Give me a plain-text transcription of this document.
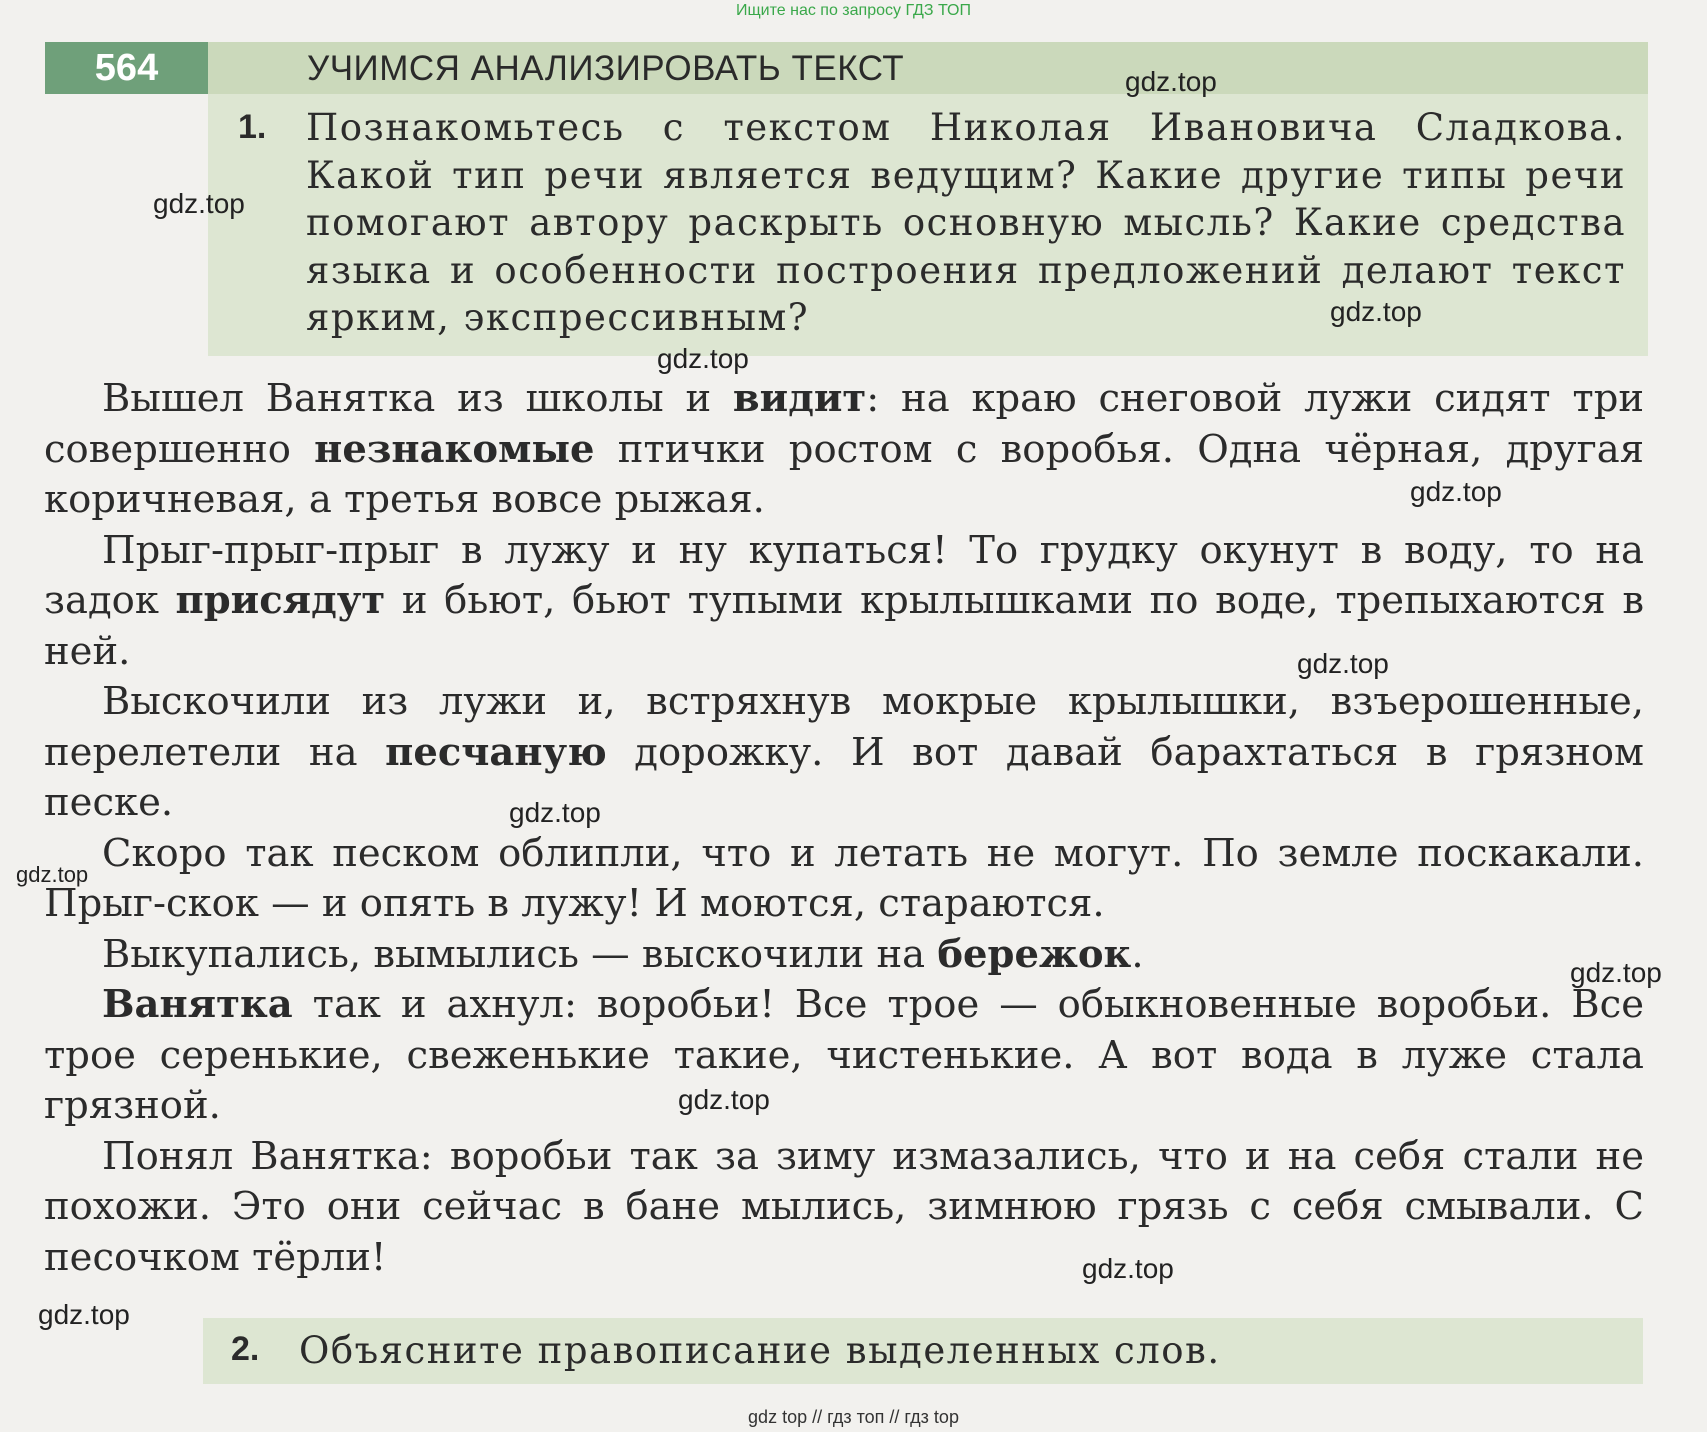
Ищите нас по запросу ГДЗ ТОП
564	УЧИМСЯ АНАЛИЗИРОВАТЬ ТЕКСТ
1. Познакомьтесь с текстом Николая Ивановича Сладкова. Какой тип речи является ведущим? Какие другие типы речи помогают автору раскрыть основную мысль? Какие средства языка и особенности построения предложений делают текст ярким, экспрессивным?

Вышел Ванятка из школы и видит: на краю снеговой лужи сидят три совершенно незнакомые птички ростом с воробья. Одна чёрная, другая коричневая, а третья вовсе рыжая.

Прыг-прыг-прыг в лужу и ну купаться! То грудку окунут в воду, то на задок присядут и бьют, бьют тупыми крылышками по воде, трепыхаются в ней.

Выскочили из лужи и, встряхнув мокрые крылышки, взъерошенные, перелетели на песчаную дорожку. И вот давай барахтаться в грязном песке.

Скоро так песком облипли, что и летать не могут. По земле поскакали. Прыг-скок — и опять в лужу! И моются, стараются.

Выкупались, вымылись — выскочили на бережок.

Ванятка так и ахнул: воробьи! Все трое — обыкновенные воробьи. Все трое серенькие, свеженькие такие, чистенькие. А вот вода в луже стала грязной.

Понял Ванятка: воробьи так за зиму измазались, что и на себя стали не похожи. Это они сейчас в бане мылись, зимнюю грязь с себя смывали. С песочком тёрли!

2. Объясните правописание выделенных слов.
gdz.top
gdz.top
gdz.top
gdz.top
gdz.top
gdz.top
gdz.top
gdz.top
gdz.top
gdz.top
gdz.top
gdz.top
gdz top // гдз топ // гдз top
